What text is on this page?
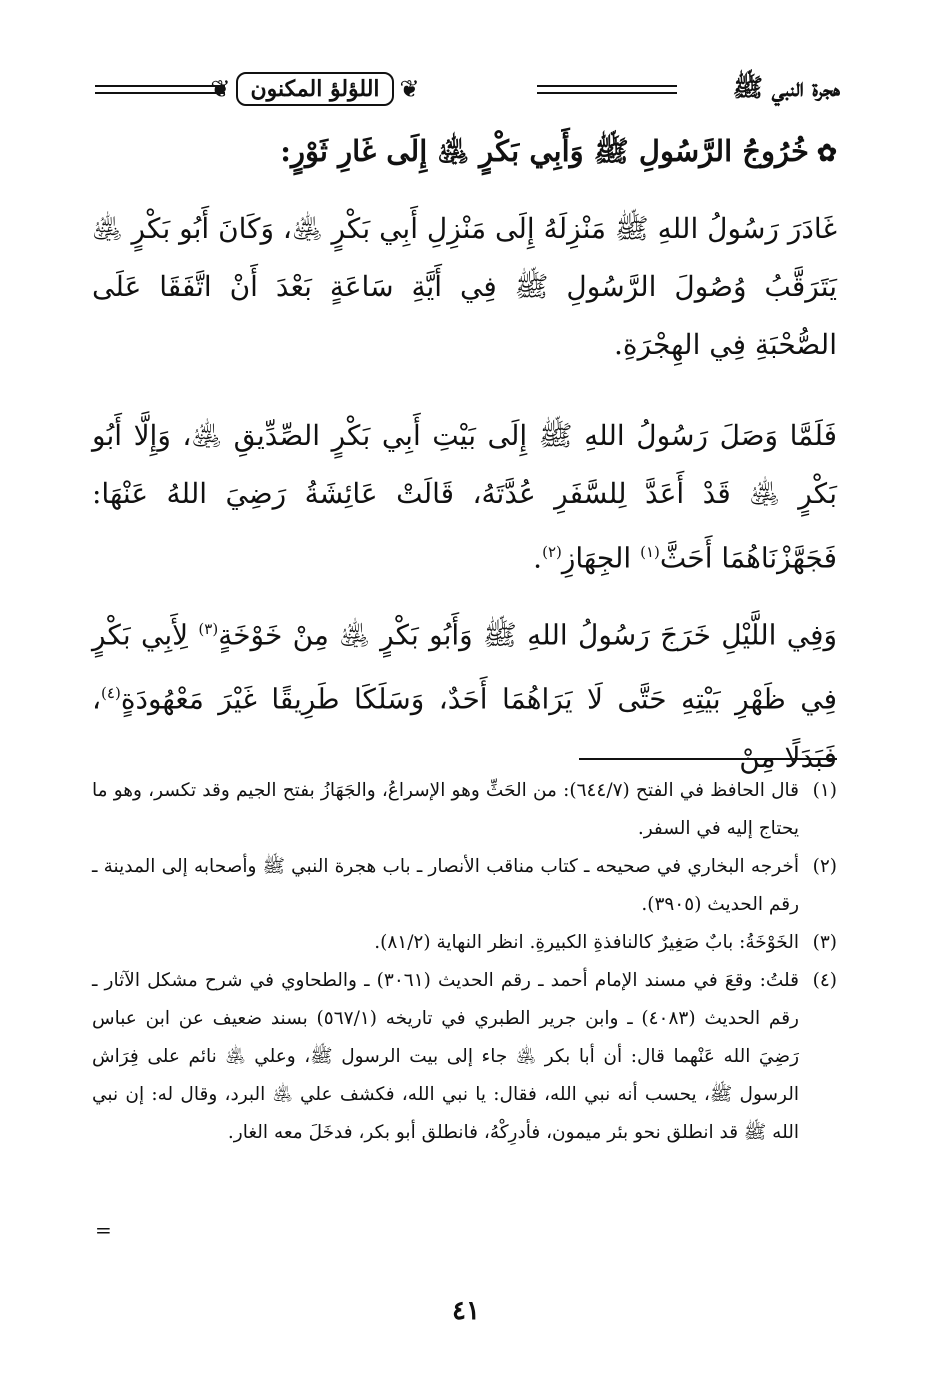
هجرة النبي ﷺ
❦
اللؤلؤ المكنون
❦
✿خُرُوجُ الرَّسُولِ ﷺ وَأَبِي بَكْرٍ ﵁ إِلَى غَارِ ثَوْرٍ:
غَادَرَ رَسُولُ اللهِ ﷺ مَنْزِلَهُ إِلَى مَنْزِلِ أَبِي بَكْرٍ ﵁، وَكَانَ أَبُو بَكْرٍ ﵁ يَتَرَقَّبُ وُصُولَ الرَّسُولِ ﷺ فِي أَيَّةِ سَاعَةٍ بَعْدَ أَنْ اتَّفَقَا عَلَى الصُّحْبَةِ فِي الهِجْرَةِ.
فَلَمَّا وَصَلَ رَسُولُ اللهِ ﷺ إِلَى بَيْتِ أَبِي بَكْرٍ الصِّدِّيقِ ﵁، وَإِلَّا أَبُو بَكْرٍ ﵁ قَدْ أَعَدَّ لِلسَّفَرِ عُدَّتَهُ، قَالَتْ عَائِشَةُ رَضِيَ اللهُ عَنْهَا: فَجَهَّزْنَاهُمَا أَحَثَّ$^{(١)}$ الجِهَازِ$^{(٢)}$.
وَفِي اللَّيْلِ خَرَجَ رَسُولُ اللهِ ﷺ وَأَبُو بَكْرٍ ﵁ مِنْ خَوْخَةٍ$^{(٣)}$ لِأَبِي بَكْرٍ فِي ظَهْرِ بَيْتِهِ حَتَّى لَا يَرَاهُمَا أَحَدٌ، وَسَلَكَا طَرِيقًا غَيْرَ مَعْهُودَةٍ$^{(٤)}$، فَبَدَلًا مِنْ
(١)
قال الحافظ في الفتح (٦٤٤/٧): من الحَثِّ وهو الإسراعُ، والجَهَازُ بفتح الجيم وقد تكسر، وهو ما يحتاج إليه في السفر.
(٢)
أخرجه البخاري في صحيحه ـ كتاب مناقب الأنصار ـ باب هجرة النبي ﷺ وأصحابه إلى المدينة ـ رقم الحديث (٣٩٠٥).
(٣)
الخَوْخَةُ: بابٌ صَغِيرٌ كالنافذةِ الكبيرةِ. انظر النهاية (٨١/٢).
(٤)
قلتُ: وقعَ في مسند الإمام أحمد ـ رقم الحديث (٣٠٦١) ـ والطحاوي في شرح مشكل الآثار ـ رقم الحديث (٤٠٨٣) ـ وابن جرير الطبري في تاريخه (٥٦٧/١) بسند ضعيف عن ابن عباس رَضِيَ الله عَنْهما قال: أن أبا بكر ﵁ جاء إلى بيت الرسول ﷺ، وعلي ﵁ نائم على فِرَاش الرسول ﷺ، يحسب أنه نبي الله، فقال: يا نبي الله، فكشف علي ﵁ البرد، وقال له: إن نبي الله ﷺ قد انطلق نحو بئر ميمون، فأدرِكْهُ، فانطلق أبو بكر، فدخَلَ معه الغار.
=
٤١
